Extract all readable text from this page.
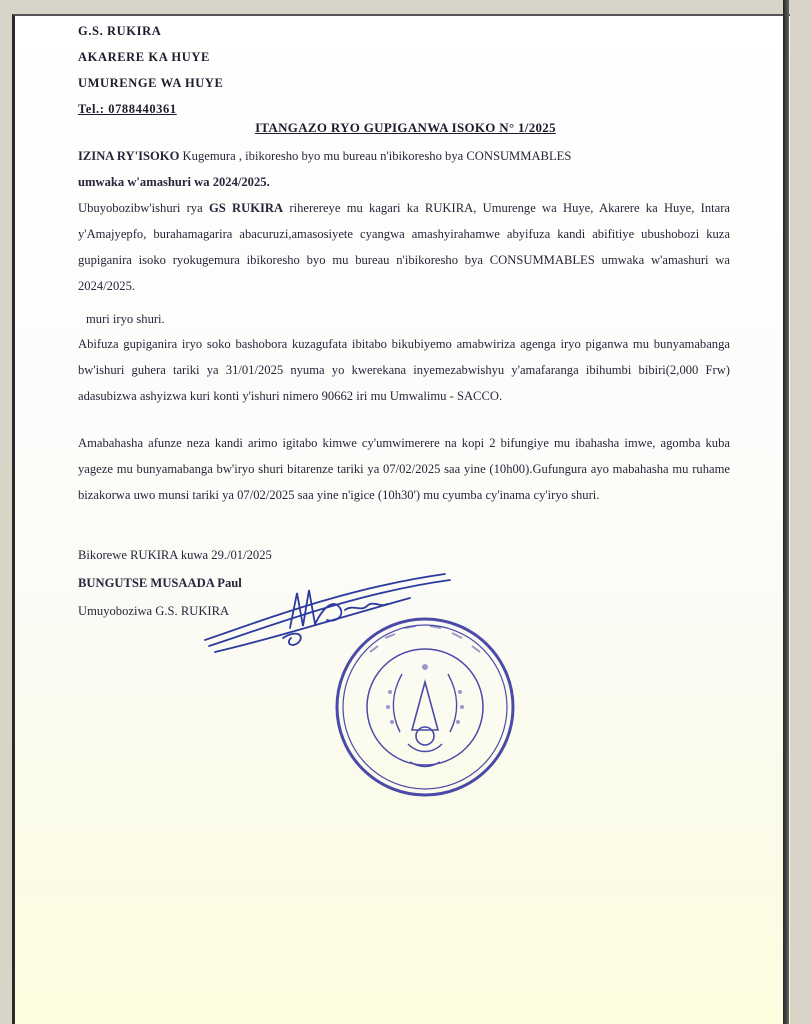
G.S. RUKIRA

AKARERE KA HUYE

UMURENGE WA HUYE

Tel.: 0788440361

ITANGAZO RYO GUPIGANWA ISOKO N° 1/2025

IZINA RY'ISOKO Kugemura , ibikoresho byo mu bureau n'ibikoresho bya CONSUMMABLES
umwaka w'amashuri wa 2024/2025.

Ubuyobozibw'ishuri rya GS RUKIRA riherereye mu kagari ka RUKIRA, Umurenge wa Huye, Akarere ka Huye, Intara y'Amajyepfo, burahamagarira abacuruzi,amasosiyete cyangwa amashyirahamwe abyifuza kandi abifitiye ubushobozi kuza gupiganira isoko ryokugemura ibikoresho byo mu bureau n'ibikoresho bya CONSUMMABLES umwaka w'amashuri wa 2024/2025.

muri iryo shuri.

Abifuza gupiganira iryo soko bashobora kuzagufata ibitabo bikubiyemo amabwiriza agenga iryo piganwa mu bunyamabanga bw'ishuri guhera tariki ya 31/01/2025 nyuma yo kwerekana inyemezabwishyu y'amafaranga ibihumbi bibiri(2,000 Frw) adasubizwa ashyizwa kuri konti y'ishuri nimero 90662 iri mu Umwalimu - SACCO.

Amabahasha afunze neza kandi arimo igitabo kimwe cy'umwimerere na kopi 2 bifungiye mu ibahasha imwe, agomba kuba yageze mu bunyamabanga bw'iryo shuri bitarenze tariki ya 07/02/2025 saa yine (10h00).Gufungura ayo mabahasha mu ruhame bizakorwa uwo munsi tariki ya 07/02/2025 saa yine n'igice (10h30') mu cyumba cy'inama cy'iryo shuri.

Bikorewe RUKIRA kuwa 29./01/2025

BUNGUTSE MUSAADA Paul

Umuyoboziwa G.S. RUKIRA
